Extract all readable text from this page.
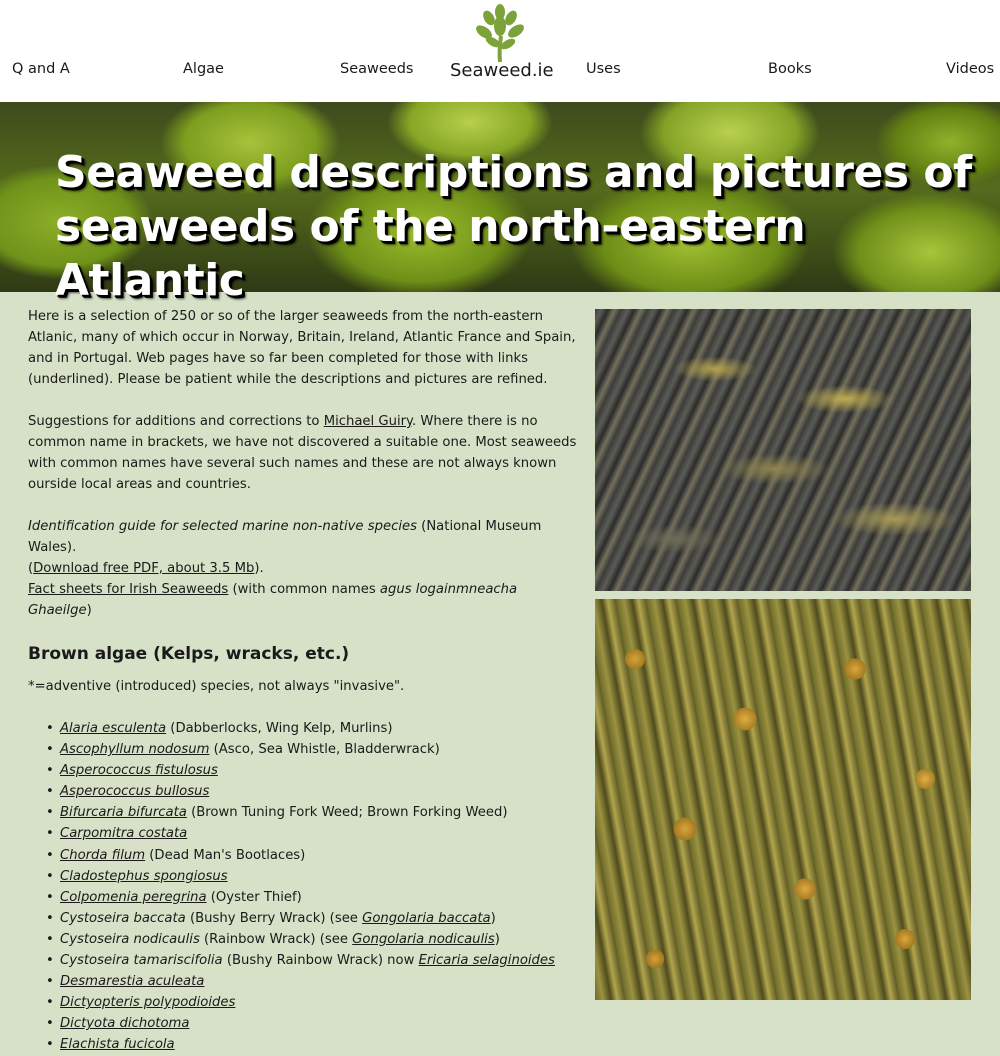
Q and A	Algae	Seaweeds Seaweed.ie Uses	Books	Videos
Seaweed descriptions and pictures of seaweeds of the north-eastern Atlantic

Here is a selection of 250 or so of the larger seaweeds from the north-eastern Atlanic, many of which occur in Norway, Britain, Ireland, Atlantic France and Spain, and in Portugal. Web pages have so far been completed for those with links (underlined). Please be patient while the descriptions and pictures are refined.

Suggestions for additions and corrections to Michael Guiry. Where there is no common name in brackets, we have not discovered a suitable one. Most seaweeds with common names have several such names and these are not always known ourside local areas and countries.

Identification guide for selected marine non-native species (National Museum Wales).
(Download free PDF, about 3.5 Mb).
Fact sheets for Irish Seaweeds (with common names agus logainmneacha Ghaeilge)

Brown algae (Kelps, wracks, etc.)
*=adventive (introduced) species, not always "invasive".
• Alaria esculenta (Dabberlocks, Wing Kelp, Murlins)
• Ascophyllum nodosum (Asco, Sea Whistle, Bladderwrack)
• Asperococcus fistulosus
• Asperococcus bullosus
• Bifurcaria bifurcata (Brown Tuning Fork Weed; Brown Forking Weed)
• Carpomitra costata
• Chorda filum (Dead Man's Bootlaces)
• Cladostephus spongiosus
• Colpomenia peregrina (Oyster Thief)
• Cystoseira baccata (Bushy Berry Wrack) (see Gongolaria baccata)
• Cystoseira nodicaulis (Rainbow Wrack) (see Gongolaria nodicaulis)
• Cystoseira tamariscifolia (Bushy Rainbow Wrack) now Ericaria selaginoides
• Desmarestia aculeata
• Dictyopteris polypodioides
• Dictyota dichotoma
• Elachista fucicola
